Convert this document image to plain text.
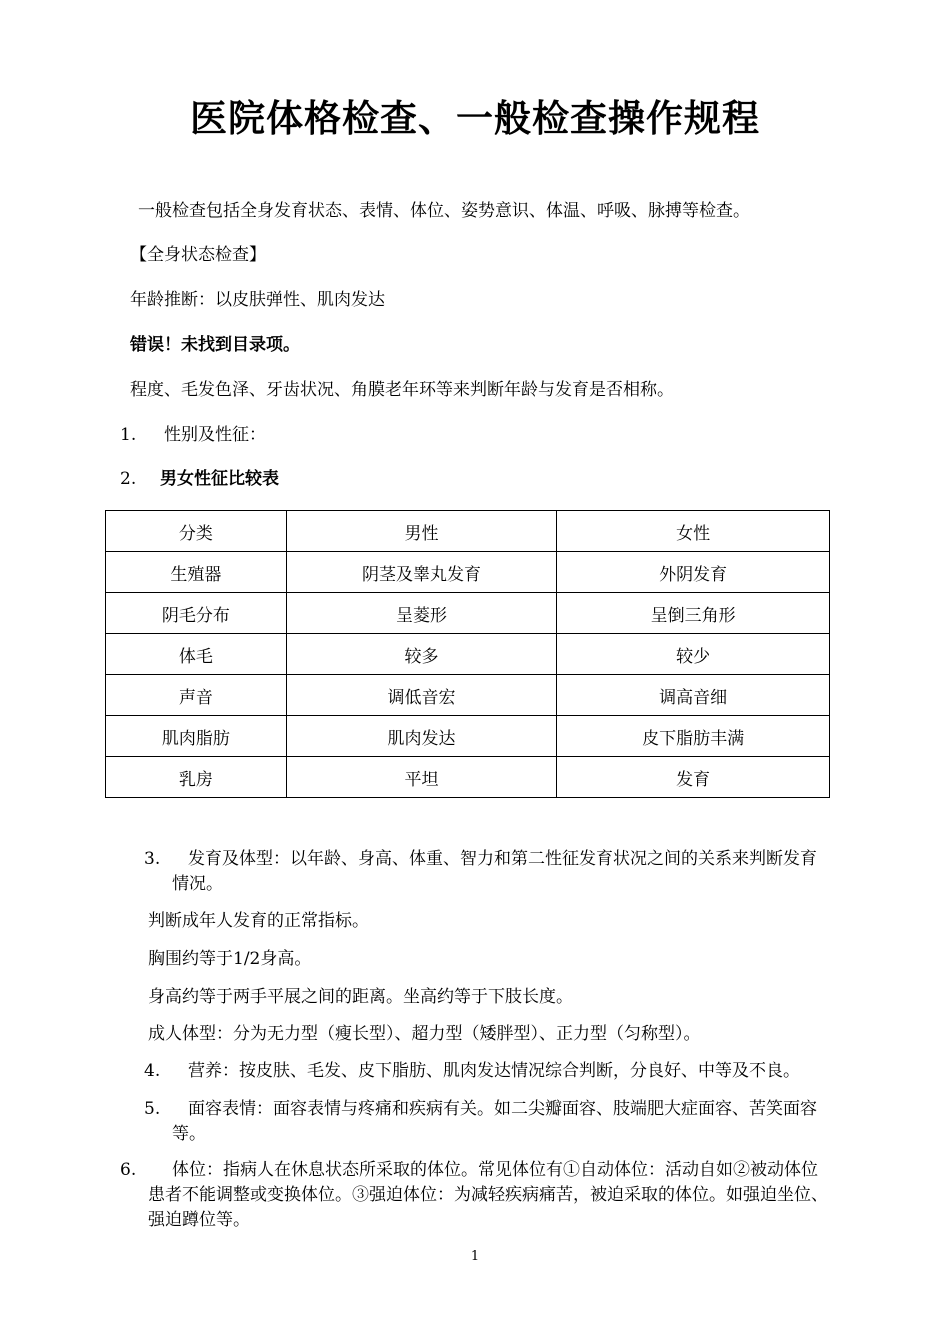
医院体格检查、一般检查操作规程
一般检查包括全身发育状态、表情、体位、姿势意识、体温、呼吸、脉搏等检查。
【全身状态检查】
年龄推断：以皮肤弹性、肌肉发达
错误！未找到目录项。
程度、毛发色泽、牙齿状况、角膜老年环等来判断年龄与发育是否相称。
1. 性别及性征：
2. 男女性征比较表
分类	男性	女性
生殖器	阴茎及睾丸发育	外阴发育
阴毛分布	呈菱形	呈倒三角形
体毛	较多	较少
声音	调低音宏	调高音细
肌肉脂肪	肌肉发达	皮下脂肪丰满
乳房	平坦	发育
3. 发育及体型：以年龄、身高、体重、智力和第二性征发育状况之间的关系来判断发育
情况。
判断成年人发育的正常指标。
胸围约等于1/2身高。
身高约等于两手平展之间的距离。坐高约等于下肢长度。
成人体型：分为无力型（瘦长型）、超力型（矮胖型）、正力型（匀称型）。
4. 营养：按皮肤、毛发、皮下脂肪、肌肉发达情况综合判断，分良好、中等及不良。
5. 面容表情：面容表情与疼痛和疾病有关。如二尖瓣面容、肢端肥大症面容、苦笑面容
等。
6. 体位：指病人在休息状态所采取的体位。常见体位有①自动体位：活动自如②被动体位
患者不能调整或变换体位。③强迫体位：为减轻疾病痛苦，被迫采取的体位。如强迫坐位、
强迫蹲位等。
1
